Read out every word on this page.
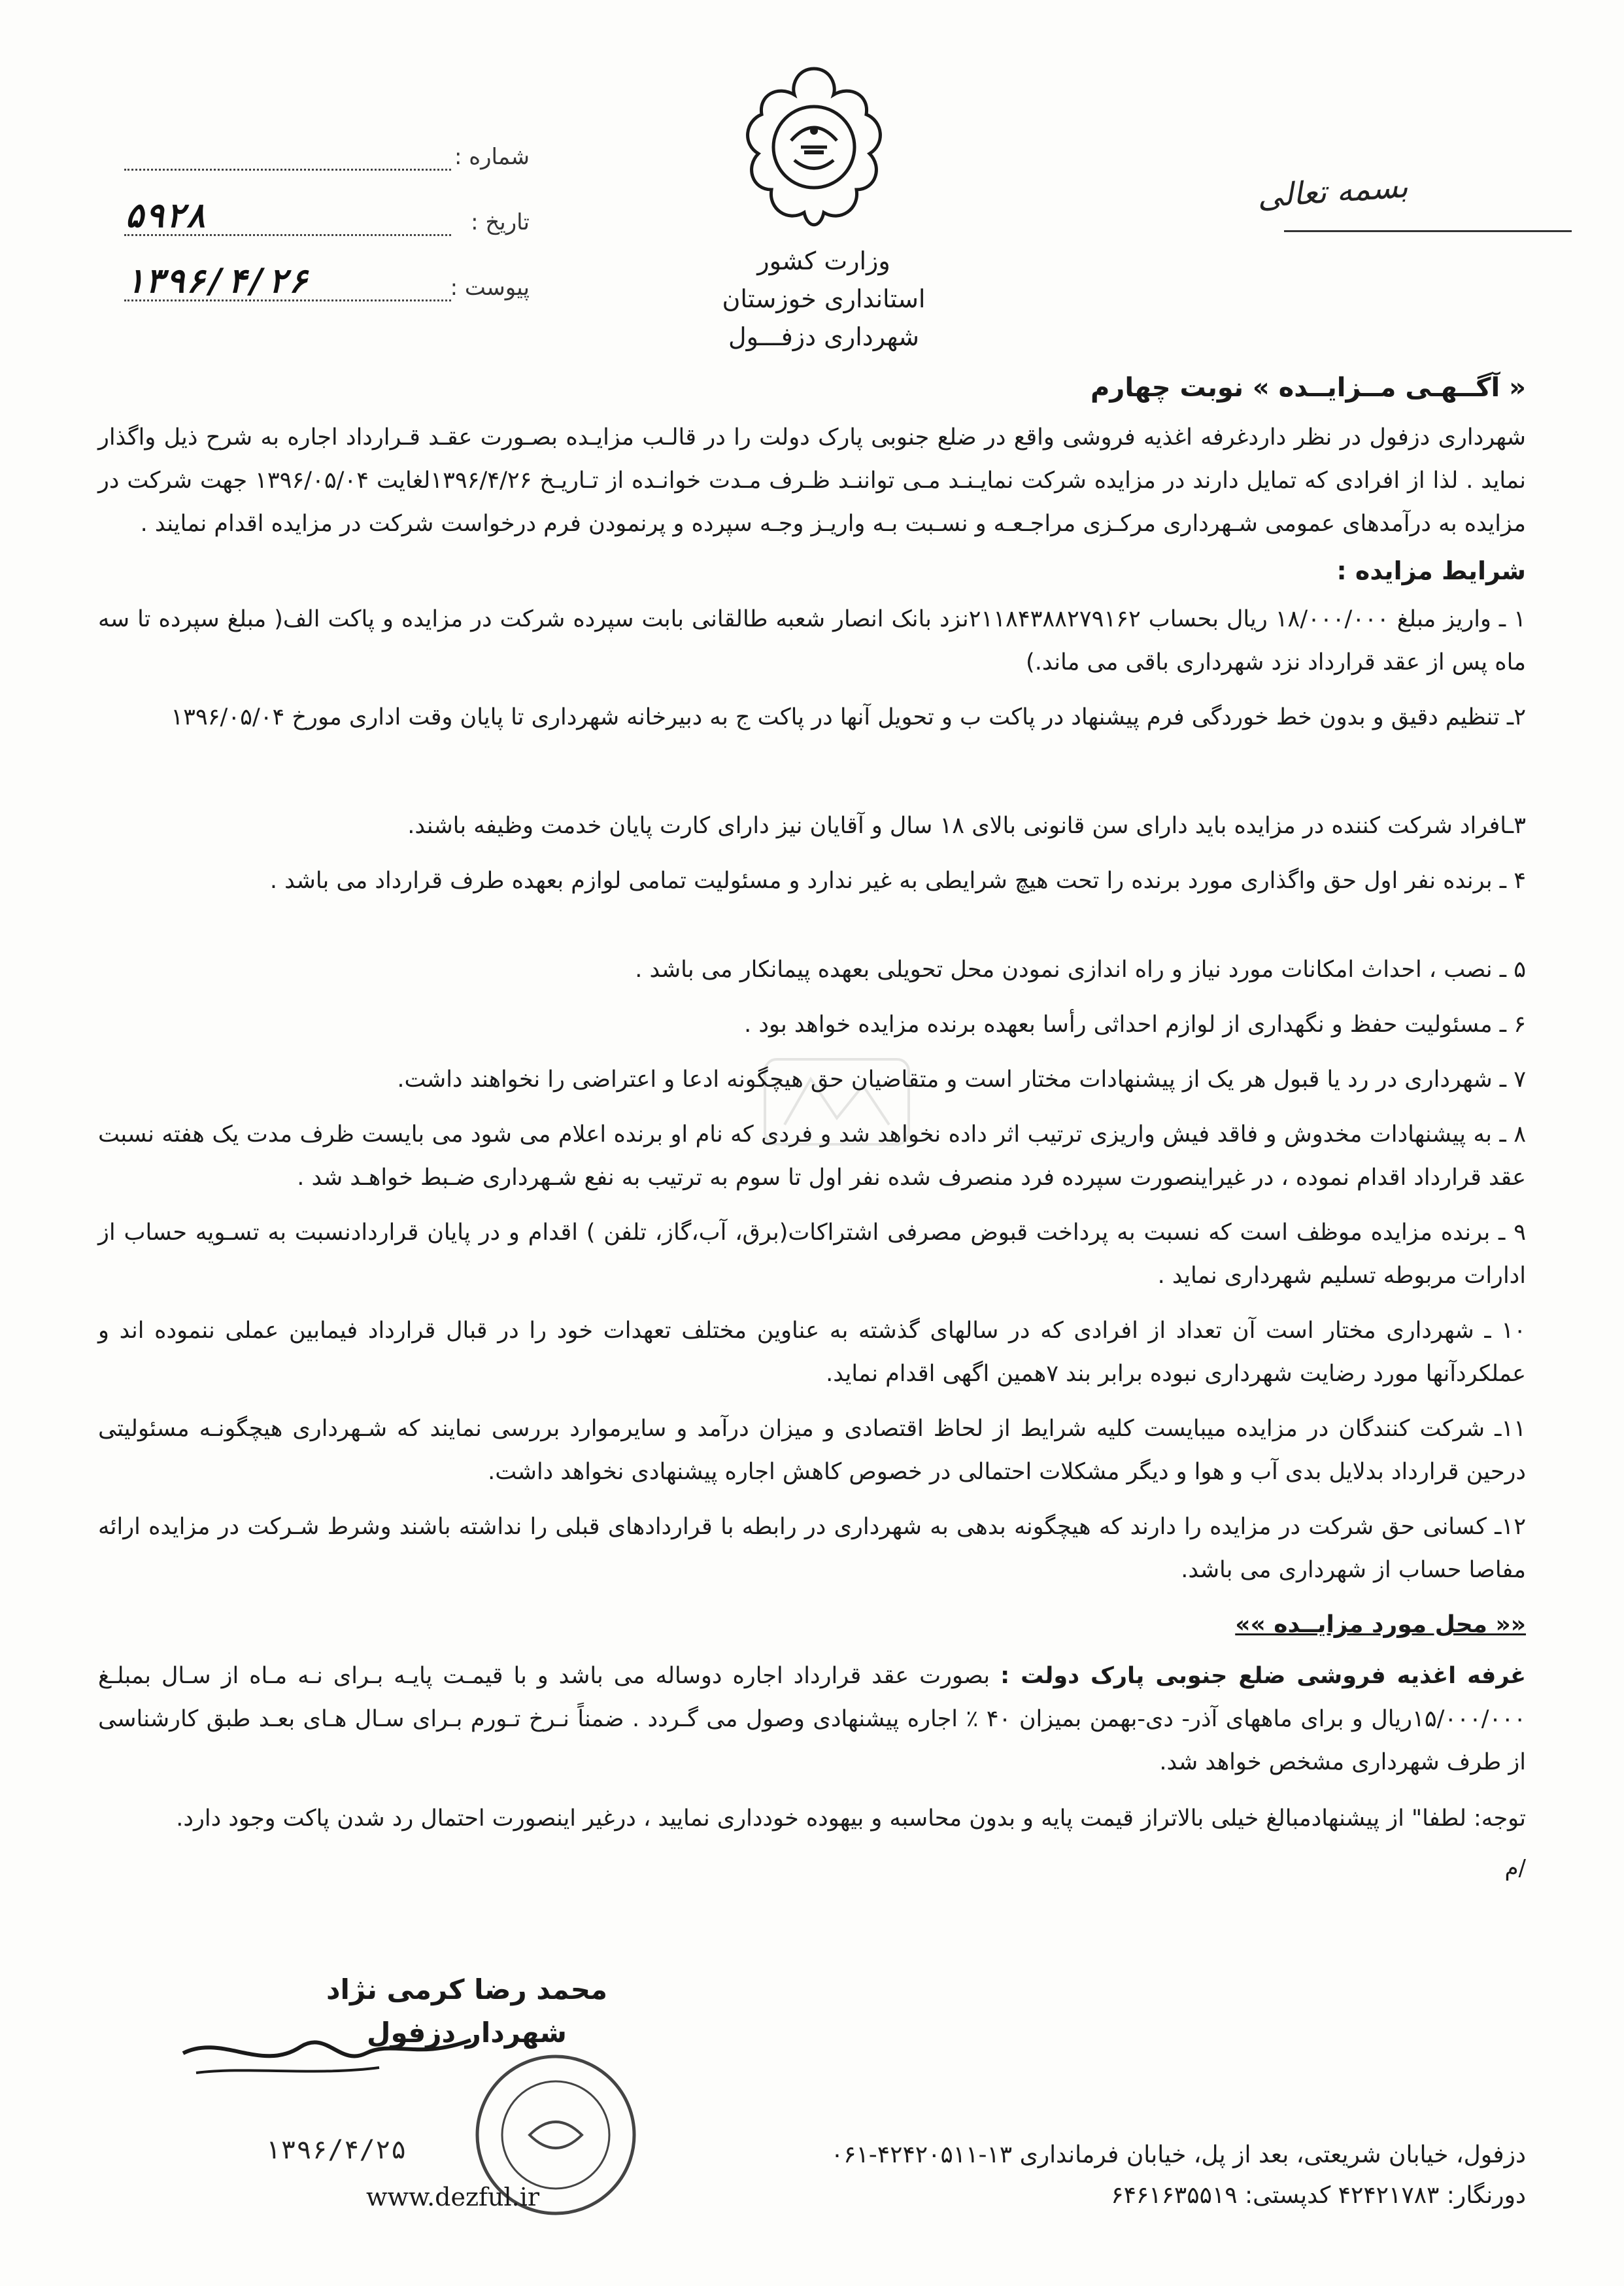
وزارت کشور
استانداری خوزستان
شهرداری دزفـــول
شماره :
تاریخ :
۵۹۲۸
پیوست :
۱۳۹۶/۴/۲۶
بسمه تعالی
« آگــهـی مــزایــده » نوبت چهارم
شهرداری دزفول در نظر داردغرفه اغذیه فروشی واقع در ضلع جنوبی پارک دولت را در قالـب مزایـده بصـورت عقـد قـرارداد اجاره به شرح ذیل واگذار نماید . لذا از افرادی که تمایل دارند در مزایده شرکت نمایـنـد مـی تواننـد ظـرف مـدت خوانـده از تـاریـخ ۱۳۹۶/۴/۲۶لغایت ۱۳۹۶/۰۵/۰۴ جهت شرکت در مزایده به درآمدهای عمومی شـهرداری مرکـزی مراجـعـه و نسـبت بـه واریـز وجـه سپرده و پرنمودن فرم درخواست شرکت در مزایده اقدام نمایند .
شرایط مزایده :
۱ ـ واریز مبلغ ۱۸/۰۰۰/۰۰۰ ریال بحساب ۲۱۱۸۴۳۸۸۲۷۹۱۶۲نزد بانک انصار شعبه طالقانی بابت سپرده شرکت در مزایده و پاکت الف( مبلغ سپرده تا سه ماه پس از عقد قرارداد نزد شهرداری باقی می ماند.)
۲ـ تنظیم دقیق و بدون خط خوردگی فرم پیشنهاد در پاکت ب و تحویل آنها در پاکت ج به دبیرخانه شهرداری تا پایان وقت اداری مورخ ۱۳۹۶/۰۵/۰۴
۳ـافراد شرکت کننده در مزایده باید دارای سن قانونی بالای ۱۸ سال و آقایان نیز دارای کارت پایان خدمت وظیفه باشند.
۴ ـ برنده نفر اول حق واگذاری مورد برنده را تحت هیچ شرایطی به غیر ندارد و مسئولیت تمامی لوازم بعهده طرف قرارداد می باشد .
۵ ـ نصب ، احداث امکانات مورد نیاز و راه اندازی نمودن محل تحویلی بعهده پیمانکار می باشد .
۶ ـ مسئولیت حفظ و نگهداری از لوازم احداثی رأسا بعهده برنده مزایده خواهد بود .
۷ ـ شهرداری در رد یا قبول هر یک از پیشنهادات مختار است و متقاضیان حق هیچگونه ادعا و اعتراضی را نخواهند داشت.
۸ ـ به پیشنهادات مخدوش و فاقد فیش واریزی ترتیب اثر داده نخواهد شد و فردی که نام او برنده اعلام می شود می بایست ظرف مدت یک هفته نسبت عقد قرارداد اقدام نموده ، در غیراینصورت سپرده فرد منصرف شده نفر اول تا سوم به ترتیب به نفع شـهرداری ضـبط خواهـد شد .
۹ ـ برنده مزایده موظف است که نسبت به پرداخت قبوض مصرفی اشتراکات(برق، آب،گاز، تلفن ) اقدام و در پایان قراردادنسبت به تسـویه حساب از ادارات مربوطه تسلیم شهرداری نماید .
۱۰ ـ شهرداری مختار است آن تعداد از افرادی که در سالهای گذشته به عناوین مختلف تعهدات خود را در قبال قرارداد فیمابین عملی ننموده اند و عملکردآنها مورد رضایت شهرداری نبوده برابر بند ۷همین اگهی اقدام نماید.
۱۱ـ شرکت کنندگان در مزایده میبایست کلیه شرایط از لحاظ اقتصادی و میزان درآمد و سایرموارد بررسی نمایند که شـهرداری هیچگونـه مسئولیتی درحین قرارداد بدلایل بدی آب و هوا و دیگر مشکلات احتمالی در خصوص کاهش اجاره پیشنهادی نخواهد داشت.
۱۲ـ کسانی حق شرکت در مزایده را دارند که هیچگونه بدهی به شهرداری در رابطه با قراردادهای قبلی را نداشته باشند وشرط شـرکت در مزایده ارائه مفاصا حساب از شهرداری می باشد.
«« محل مورد مزایــده »»
غرفه اغذیه فروشی ضلع جنوبی پارک دولت : بصورت عقد قرارداد اجاره دوساله می باشد و با قیمـت پایـه بـرای نـه مـاه از سـال بمبلـغ ۱۵/۰۰۰/۰۰۰ریال و برای ماههای آذر- دی-بهمن بمیزان ۴۰ ٪ اجاره پیشنهادی وصول می گـردد . ضمناً نـرخ تـورم بـرای سـال هـای بعـد طبق کارشناسی از طرف شهرداری مشخص خواهد شد.
توجه: لطفا" از پیشنهادمبالغ خیلی بالاتراز قیمت پایه و بدون محاسبه و بیهوده خودداری نمایید ، درغیر اینصورت احتمال رد شدن پاکت وجود دارد.
/م
محمد رضا کرمی نژاد
شهردار دزفول
دزفول، خیابان شریعتی، بعد از پل، خیابان فرمانداری ۱۳-۴۲۴۲۰۵۱۱-۰۶۱
دورنگار: ۴۲۴۲۱۷۸۳ کدپستی: ۶۴۶۱۶۳۵۵۱۹
۱۳۹۶/۴/۲۵
www.dezful.ir
